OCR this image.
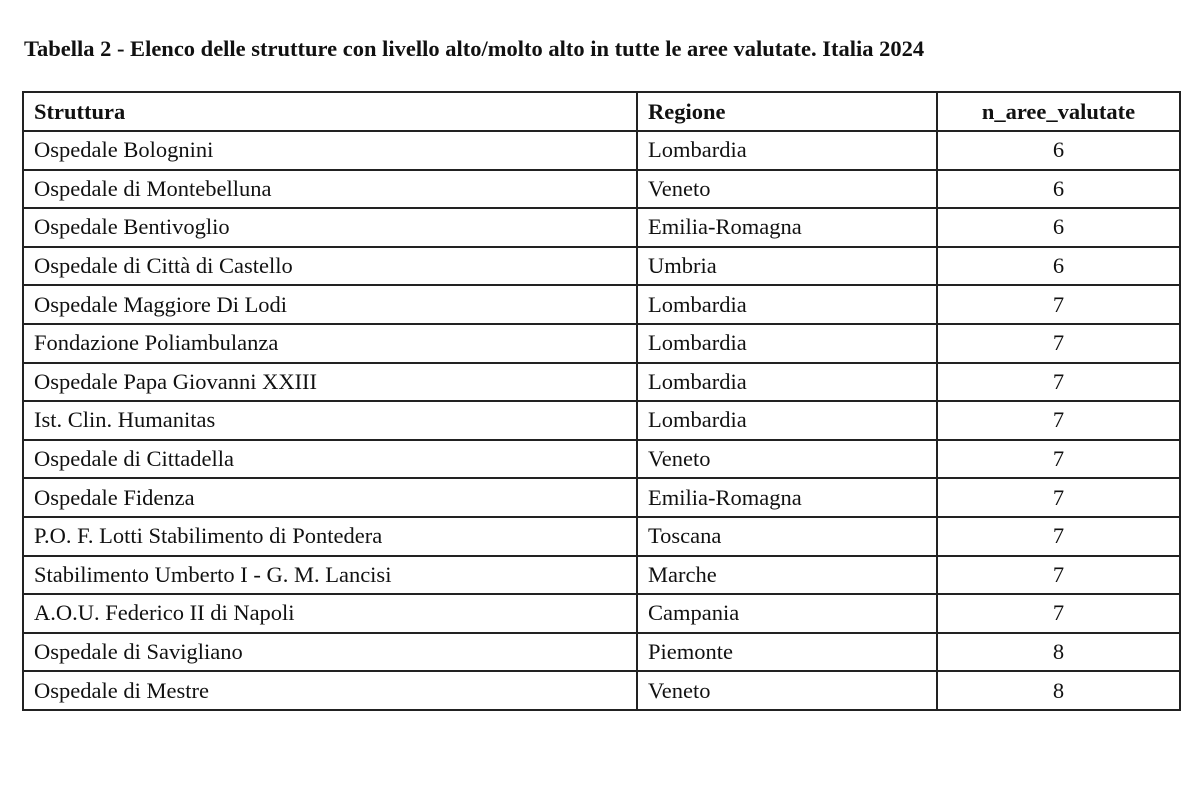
Tabella 2 - Elenco delle strutture con livello alto/molto alto in tutte le aree valutate. Italia 2024
Struttura	Regione	n_aree_valutate
Ospedale Bolognini	Lombardia	6
Ospedale di Montebelluna	Veneto	6
Ospedale Bentivoglio	Emilia-Romagna	6
Ospedale di Città di Castello	Umbria	6
Ospedale Maggiore Di Lodi	Lombardia	7
Fondazione Poliambulanza	Lombardia	7
Ospedale Papa Giovanni XXIII	Lombardia	7
Ist. Clin. Humanitas	Lombardia	7
Ospedale di Cittadella	Veneto	7
Ospedale Fidenza	Emilia-Romagna	7
P.O. F. Lotti Stabilimento di Pontedera	Toscana	7
Stabilimento Umberto I - G. M. Lancisi	Marche	7
A.O.U. Federico II di Napoli	Campania	7
Ospedale di Savigliano	Piemonte	8
Ospedale di Mestre	Veneto	8
